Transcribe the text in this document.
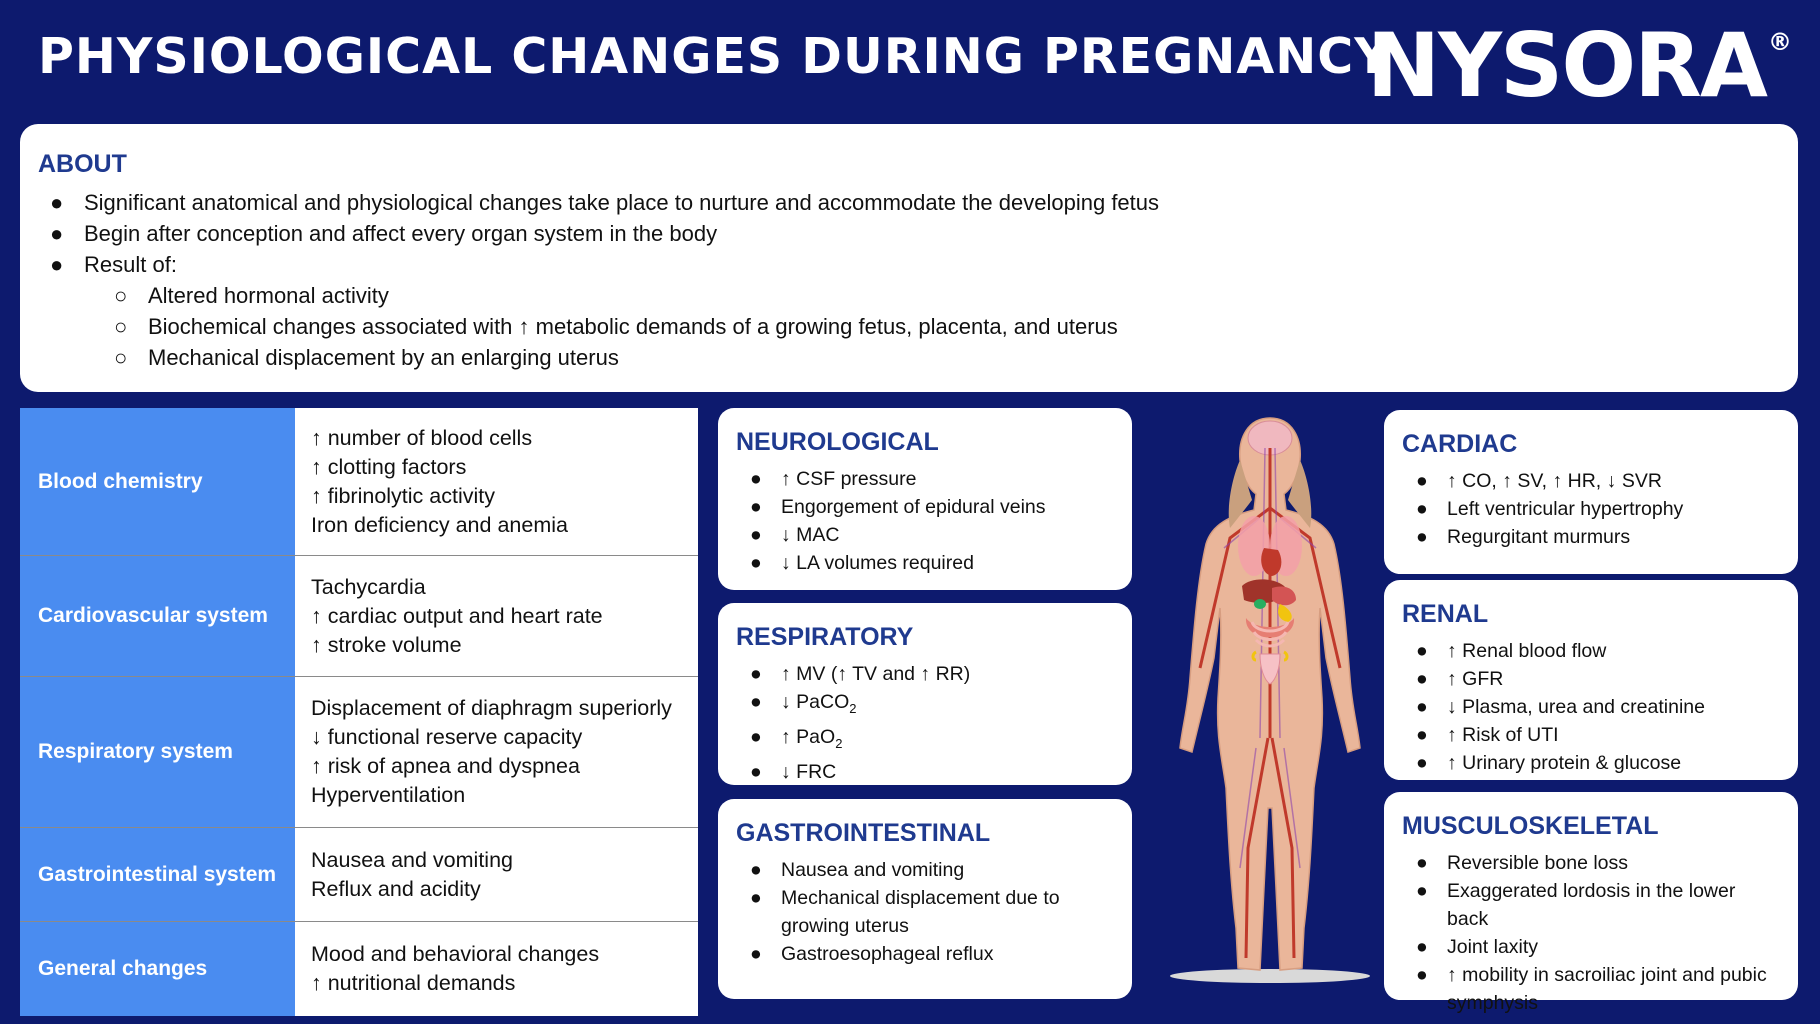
PHYSIOLOGICAL CHANGES DURING PREGNANCY
NYSORA®
ABOUT
● Significant anatomical and physiological changes take place to nurture and accommodate the developing fetus
● Begin after conception and affect every organ system in the body
● Result of:
○ Altered hormonal activity
○ Biochemical changes associated with ↑ metabolic demands of a growing fetus, placenta, and uterus
○ Mechanical displacement by an enlarging uterus
Blood chemistry
↑ number of blood cells
↑ clotting factors
↑ fibrinolytic activity
Iron deficiency and anemia
Cardiovascular system
Tachycardia
↑ cardiac output and heart rate
↑ stroke volume
Respiratory system
Displacement of diaphragm superiorly
↓ functional reserve capacity
↑ risk of apnea and dyspnea
Hyperventilation
Gastrointestinal system
Nausea and vomiting
Reflux and acidity
General changes
Mood and behavioral changes
↑ nutritional demands
NEUROLOGICAL
● ↑ CSF pressure
● Engorgement of epidural veins
● ↓ MAC
● ↓ LA volumes required
RESPIRATORY
● ↑ MV (↑ TV and ↑ RR)
● ↓ PaCO$_2$
● ↑ PaO$_2$
● ↓ FRC
GASTROINTESTINAL
● Nausea and vomiting
● Mechanical displacement due to growing uterus
● Gastroesophageal reflux
CARDIAC
● ↑ CO, ↑ SV, ↑ HR, ↓ SVR
● Left ventricular hypertrophy
● Regurgitant murmurs
RENAL
● ↑ Renal blood flow
● ↑ GFR
● ↓ Plasma, urea and creatinine
● ↑ Risk of UTI
● ↑ Urinary protein & glucose
MUSCULOSKELETAL
● Reversible bone loss
● Exaggerated lordosis in the lower back
● Joint laxity
● ↑ mobility in sacroiliac joint and pubic symphysis
